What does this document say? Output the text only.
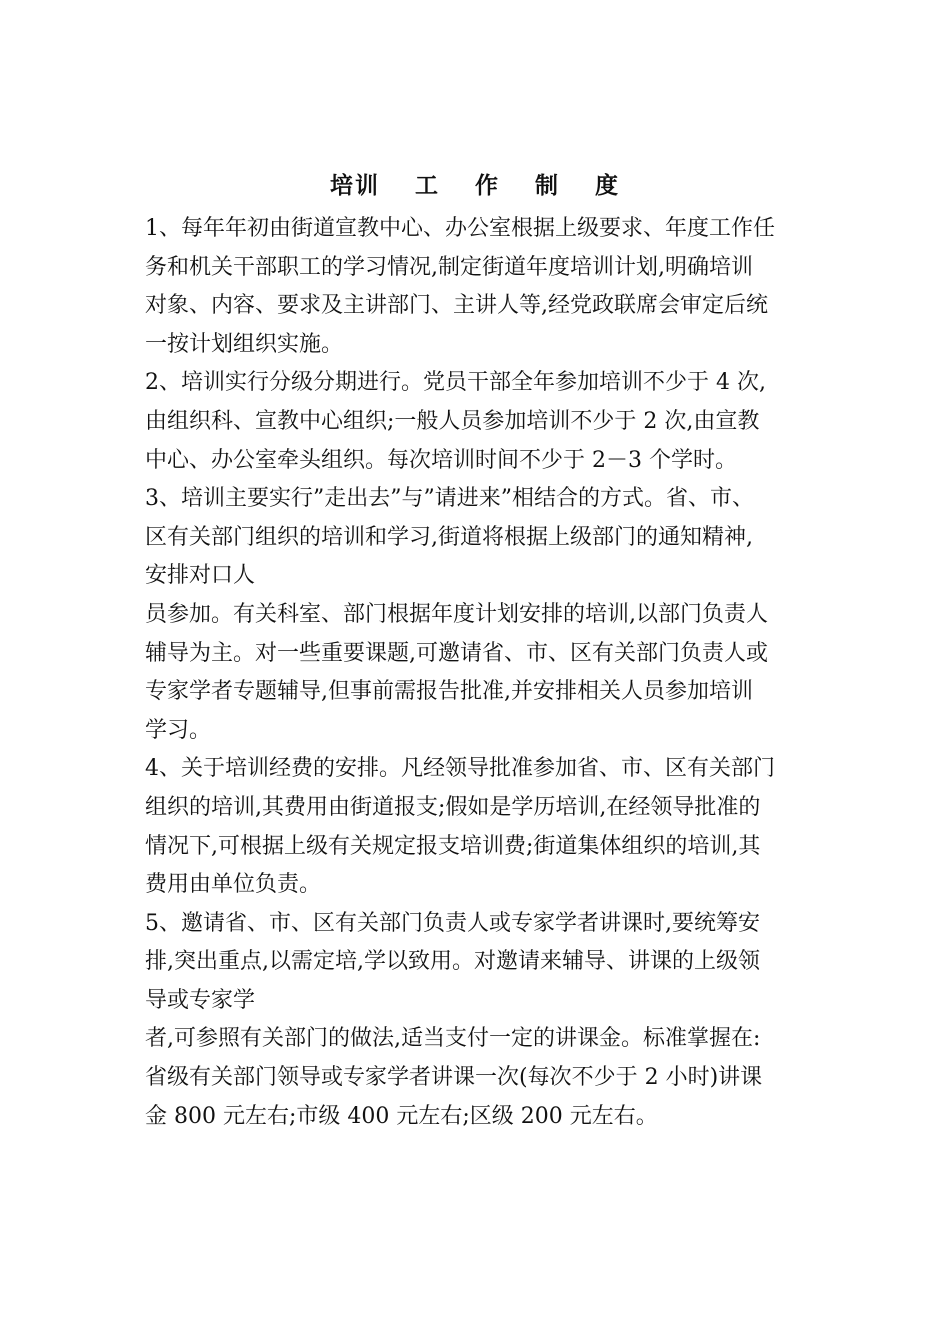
培训　 工　 作　 制　 度
1、每年年初由街道宣教中心、办公室根据上级要求、年度工作任
务和机关干部职工的学习情况,制定街道年度培训计划,明确培训
对象、内容、要求及主讲部门、主讲人等,经党政联席会审定后统
一按计划组织实施。
2、培训实行分级分期进行。党员干部全年参加培训不少于 4 次,
由组织科、宣教中心组织;一般人员参加培训不少于 2 次,由宣教
中心、办公室牵头组织。每次培训时间不少于 2－3 个学时。
3、培训主要实行”走出去”与”请进来”相结合的方式。省、市、
区有关部门组织的培训和学习,街道将根据上级部门的通知精神,
安排对口人
员参加。有关科室、部门根据年度计划安排的培训,以部门负责人
辅导为主。对一些重要课题,可邀请省、市、区有关部门负责人或
专家学者专题辅导,但事前需报告批准,并安排相关人员参加培训
学习。
4、关于培训经费的安排。凡经领导批准参加省、市、区有关部门
组织的培训,其费用由街道报支;假如是学历培训,在经领导批准的
情况下,可根据上级有关规定报支培训费;街道集体组织的培训,其
费用由单位负责。
5、邀请省、市、区有关部门负责人或专家学者讲课时,要统筹安
排,突出重点,以需定培,学以致用。对邀请来辅导、讲课的上级领
导或专家学
者,可参照有关部门的做法,适当支付一定的讲课金。标准掌握在:
省级有关部门领导或专家学者讲课一次(每次不少于 2 小时)讲课
金 800 元左右;市级 400 元左右;区级 200 元左右。
